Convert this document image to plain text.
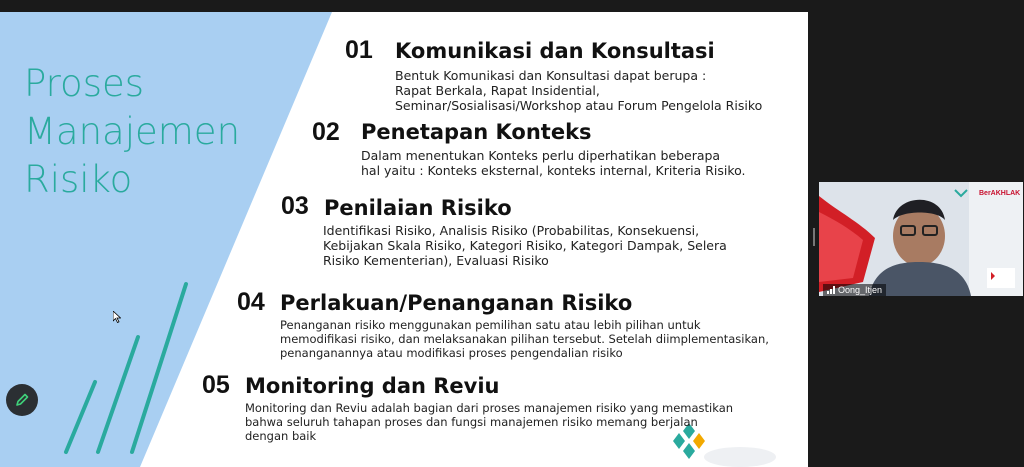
Proses Manajemen Risiko
01 Komunikasi dan Konsultasi
Bentuk Komunikasi dan Konsultasi dapat berupa :
Rapat Berkala, Rapat Insidential,
Seminar/Sosialisasi/Workshop atau Forum Pengelola Risiko
02 Penetapan Konteks
Dalam menentukan Konteks perlu diperhatikan beberapa
hal yaitu : Konteks eksternal, konteks internal, Kriteria Risiko.
03 Penilaian Risiko
Identifikasi Risiko, Analisis Risiko (Probabilitas, Konsekuensi,
Kebijakan Skala Risiko, Kategori Risiko, Kategori Dampak, Selera
Risiko Kementerian), Evaluasi Risiko
04 Perlakuan/Penanganan Risiko
Penanganan risiko menggunakan pemilihan satu atau lebih pilihan untuk
memodifikasi risiko, dan melaksanakan pilihan tersebut. Setelah diimplementasikan,
penanganannya atau modifikasi proses pengendalian risiko
05 Monitoring dan Reviu
Monitoring dan Reviu adalah bagian dari proses manajemen risiko yang memastikan
bahwa seluruh tahapan proses dan fungsi manajemen risiko memang berjalan
dengan baik
BerAKHLAK
Oong_Itjen
